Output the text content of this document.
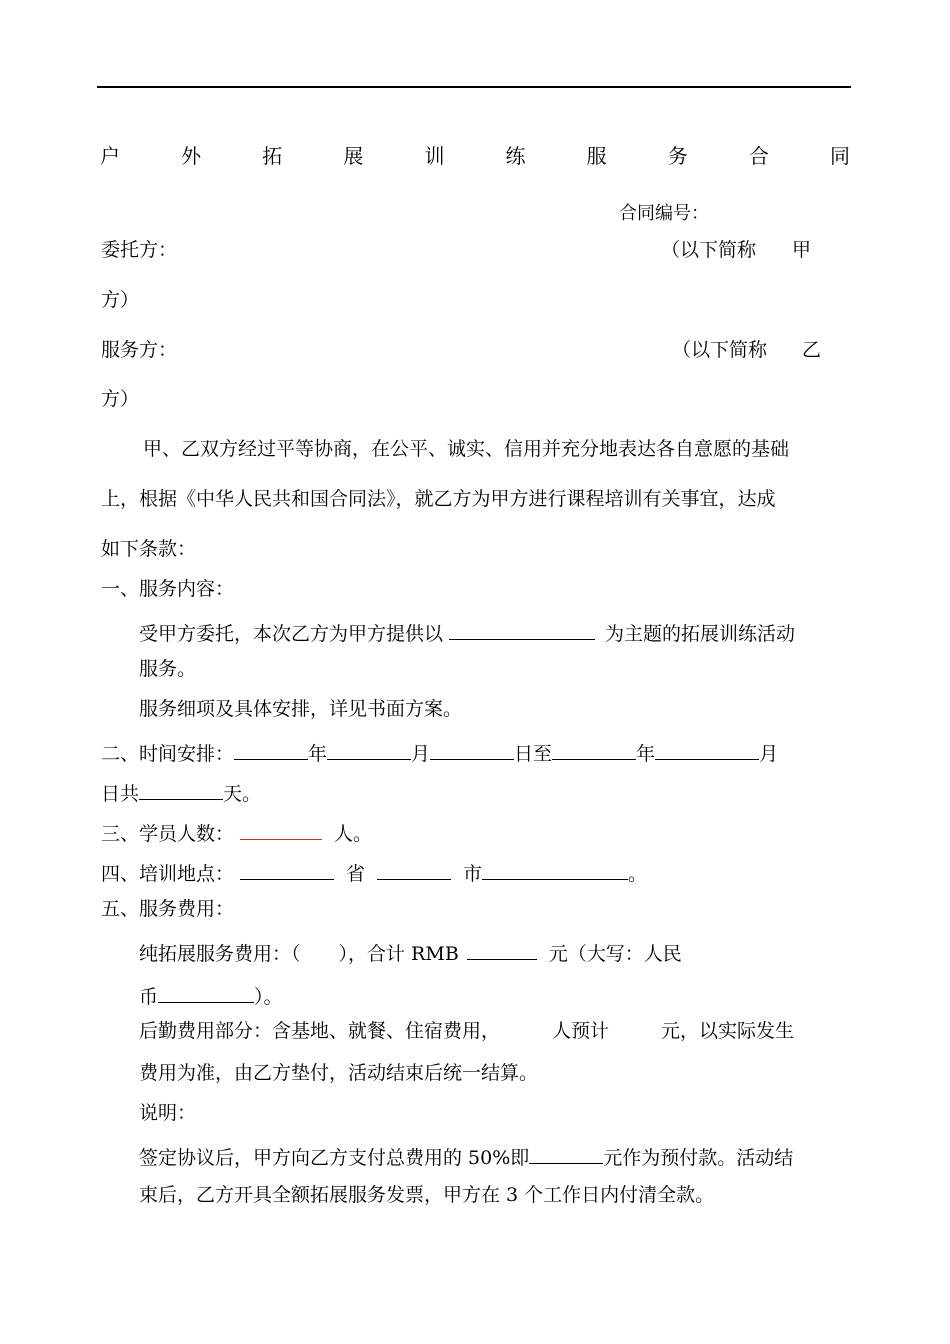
户	外	拓	展	训	练	服	务	合	同
合同编号：
委托方：	（以下简称 甲
方）
服务方：	（以下简称 乙
方）
甲、乙双方经过平等协商，在公平、诚实、信用并充分地表达各自意愿的基础
上，根据《中华人民共和国合同法》，就乙方为甲方进行课程培训有关事宜，达成
如下条款：
一、服务内容：
受甲方委托，本次乙方为甲方提供以	为主题的拓展训练活动
服务。
服务细项及具体安排，详见书面方案。
二、时间安排：	年	月	日至	年	月
日共	天。
三、学员人数：	人。
四、培训地点：	省	市	。
五、服务费用：
纯拓展服务费用：（ ），合计 RMB	元（大写：人民
币	）。
后勤费用部分：含基地、就餐、住宿费用，	人预计	元，以实际发生
费用为准，由乙方垫付，活动结束后统一结算。
说明：
签定协议后，甲方向乙方支付总费用的 50%即	元作为预付款。活动结
束后，乙方开具全额拓展服务发票，甲方在 3 个工作日内付清全款。
